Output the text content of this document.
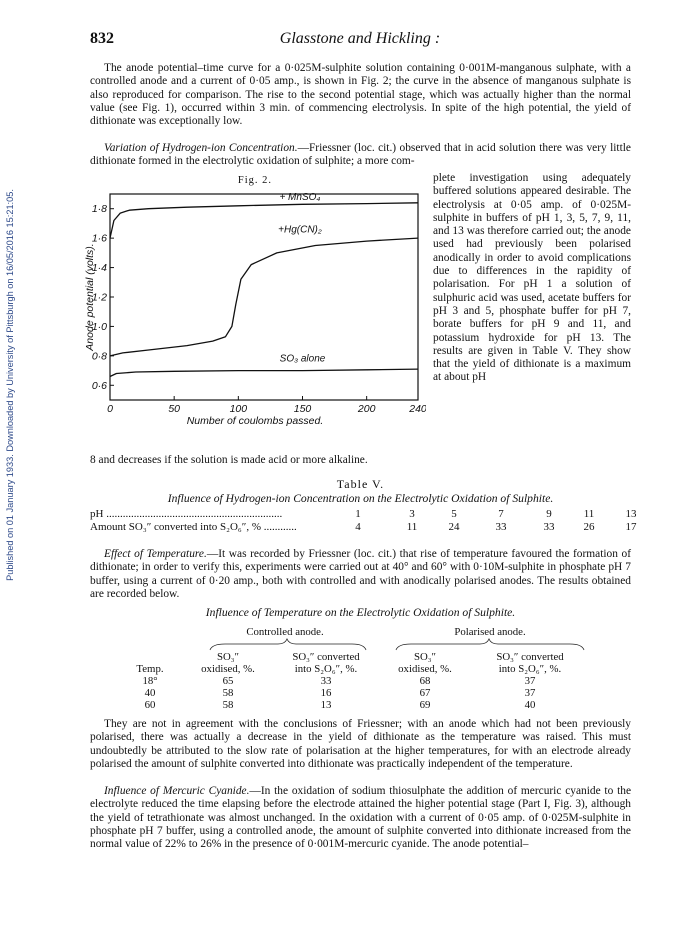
Published on 01 January 1933. Downloaded by University of Pittsburgh on 16/05/2016 15:21:05.
832	Glasstone and Hickling :

The anode potential–time curve for a 0·025M-sulphite solution containing 0·001M-manganous sulphate, with a controlled anode and a current of 0·05 amp., is shown in Fig. 2; the curve in the absence of manganous sulphate is also reproduced for comparison. The rise to the second potential stage, which was actually higher than the normal value (see Fig. 1), occurred within 3 min. of commencing electrolysis. In spite of the high potential, the yield of dithionate was exceptionally low.

Variation of Hydrogen-ion Concentration.—Friessner (loc. cit.) observed that in acid solution there was very little dithionate formed in the electrolytic oxidation of sulphite; a more com-

Fig. 2.
0·6
0·8
1·0
1·2
1·4
1·6
1·8
0	50	100	150	200	240
Number of coulombs passed.
Anode potential (volts).
+ MnSO₄
+Hg(CN)₂
SO₃ alone

plete investigation using adequately buffered solutions appeared desirable. The electrolysis at 0·05 amp. of 0·025M-sulphite in buffers of pH 1, 3, 5, 7, 9, 11, and 13 was therefore carried out; the anode used had previously been polarised anodically in order to avoid complications due to differences in the rapidity of polarisation. For pH 1 a solution of sulphuric acid was used, acetate buffers for pH 3 and 5, phosphate buffer for pH 7, borate buffers for pH 9 and 11, and potassium hydroxide for pH 13. The results are given in Table V. They show that the yield of dithionate is a maximum at about pH

8 and decreases if the solution is made acid or more alkaline.

Table V.
Influence of Hydrogen-ion Concentration on the Electrolytic Oxidation of Sulphite.
pH ................................................................	1	3	5	7	9	11	13
Amount SO₃″ converted into S₂O₆″, % ............	4	11	24	33	33	26	17

Effect of Temperature.—It was recorded by Friessner (loc. cit.) that rise of temperature favoured the formation of dithionate; in order to verify this, experiments were carried out at 40° and 60° with 0·10M-sulphite in phosphate pH 7 buffer, using a current of 0·20 amp., both with controlled and with anodically polarised anodes. The results obtained are recorded below.

Influence of Temperature on the Electrolytic Oxidation of Sulphite.
Controlled anode.	Polarised anode.
Temp.
SO₃″
oxidised, %.
SO₃″ converted
into S₂O₆″, %.
SO₃″
oxidised, %.
SO₃″ converted
into S₂O₆″, %.
18°	65	33	68	37
40	58	16	67	37
60	58	13	69	40

They are not in agreement with the conclusions of Friessner; with an anode which had not been previously polarised, there was actually a decrease in the yield of dithionate as the temperature was raised. This must undoubtedly be attributed to the slow rate of polarisation at the higher temperatures, for with an electrode already polarised the amount of sulphite converted into dithionate was practically independent of the temperature.

Influence of Mercuric Cyanide.—In the oxidation of sodium thiosulphate the addition of mercuric cyanide to the electrolyte reduced the time elapsing before the electrode attained the higher potential stage (Part I, Fig. 3), although the yield of tetrathionate was almost unchanged. In the oxidation with a current of 0·05 amp. of 0·025M-sulphite in phosphate pH 7 buffer, using a controlled anode, the amount of sulphite converted into dithionate increased from the normal value of 22% to 26% in the presence of 0·001M-mercuric cyanide. The anode potential–
